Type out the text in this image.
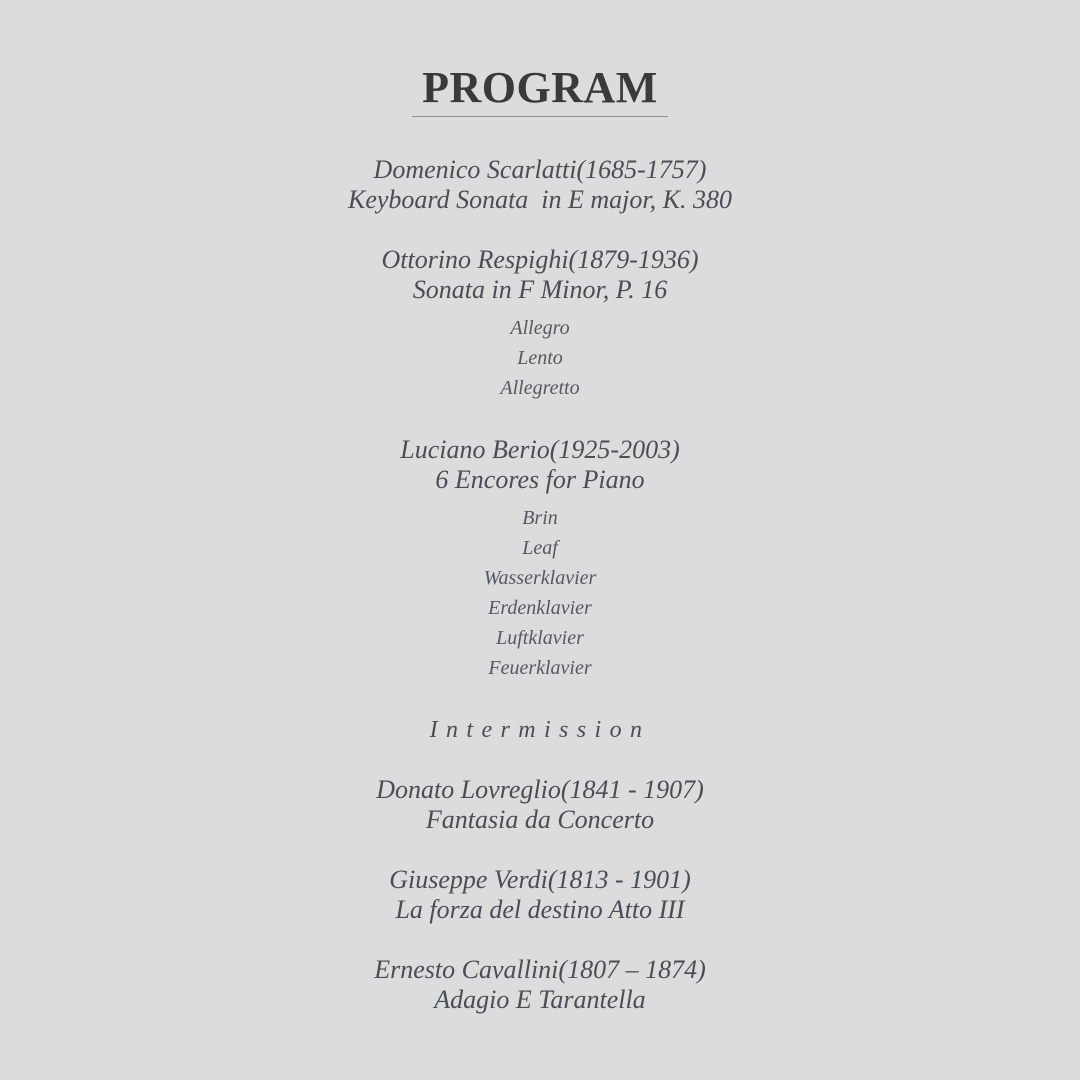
PROGRAM
Domenico Scarlatti(1685-1757)
Keyboard Sonata  in E major, K. 380
Ottorino Respighi(1879-1936)
Sonata in F Minor, P. 16
Allegro
Lento
Allegretto
Luciano Berio(1925-2003)
6 Encores for Piano
Brin
Leaf
Wasserklavier
Erdenklavier
Luftklavier
Feuerklavier
Intermission
Donato Lovreglio(1841 - 1907)
Fantasia da Concerto
Giuseppe Verdi(1813 - 1901)
La forza del destino Atto III
Ernesto Cavallini(1807 – 1874)
Adagio E Tarantella
